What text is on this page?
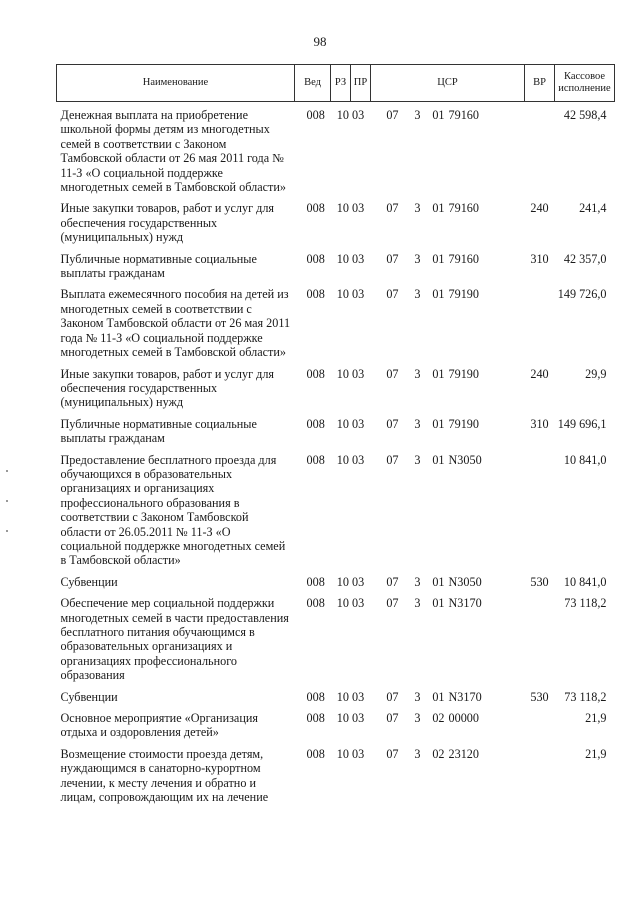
98
Наименование	Вед	РЗ	ПР	ЦСР	ВР	Кассовое исполнение
Денежная выплата на приобретение школьной формы детям из многодетных семей в соответствии с Законом Тамбовской области от 26 мая 2011 года № 11-З «О социальной поддержке многодетных семей в Тамбовской области»	008	10 03		07 3 01 79160		42 598,4
Иные закупки товаров, работ и услуг для обеспечения государственных (муниципальных) нужд	008	10 03		07 3 01 79160	240	241,4
Публичные нормативные социальные выплаты гражданам	008	10 03		07 3 01 79160	310	42 357,0
Выплата ежемесячного пособия на детей из многодетных семей в соответствии с Законом Тамбовской области от 26 мая 2011 года № 11-З «О социальной поддержке многодетных семей в Тамбовской области»	008	10 03		07 3 01 79190		149 726,0
Иные закупки товаров, работ и услуг для обеспечения государственных (муниципальных) нужд	008	10 03		07 3 01 79190	240	29,9
Публичные нормативные социальные выплаты гражданам	008	10 03		07 3 01 79190	310	149 696,1
Предоставление бесплатного проезда для обучающихся в образовательных организациях и организациях профессионального образования в соответствии с Законом Тамбовской области от 26.05.2011 № 11-З «О социальной поддержке многодетных семей в Тамбовской области»	008	10 03		07 3 01 N3050		10 841,0
Субвенции	008	10 03		07 3 01 N3050	530	10 841,0
Обеспечение мер социальной поддержки многодетных семей в части предоставления бесплатного питания обучающимся в образовательных организациях и организациях профессионального образования	008	10 03		07 3 01 N3170		73 118,2
Субвенции	008	10 03		07 3 01 N3170	530	73 118,2
Основное мероприятие «Организация отдыха и оздоровления детей»	008	10 03		07 3 02 00000		21,9
Возмещение стоимости проезда детям, нуждающимся в санаторно-курортном лечении, к месту лечения и обратно и лицам, сопровождающим их на лечение	008	10 03		07 3 02 23120		21,9
